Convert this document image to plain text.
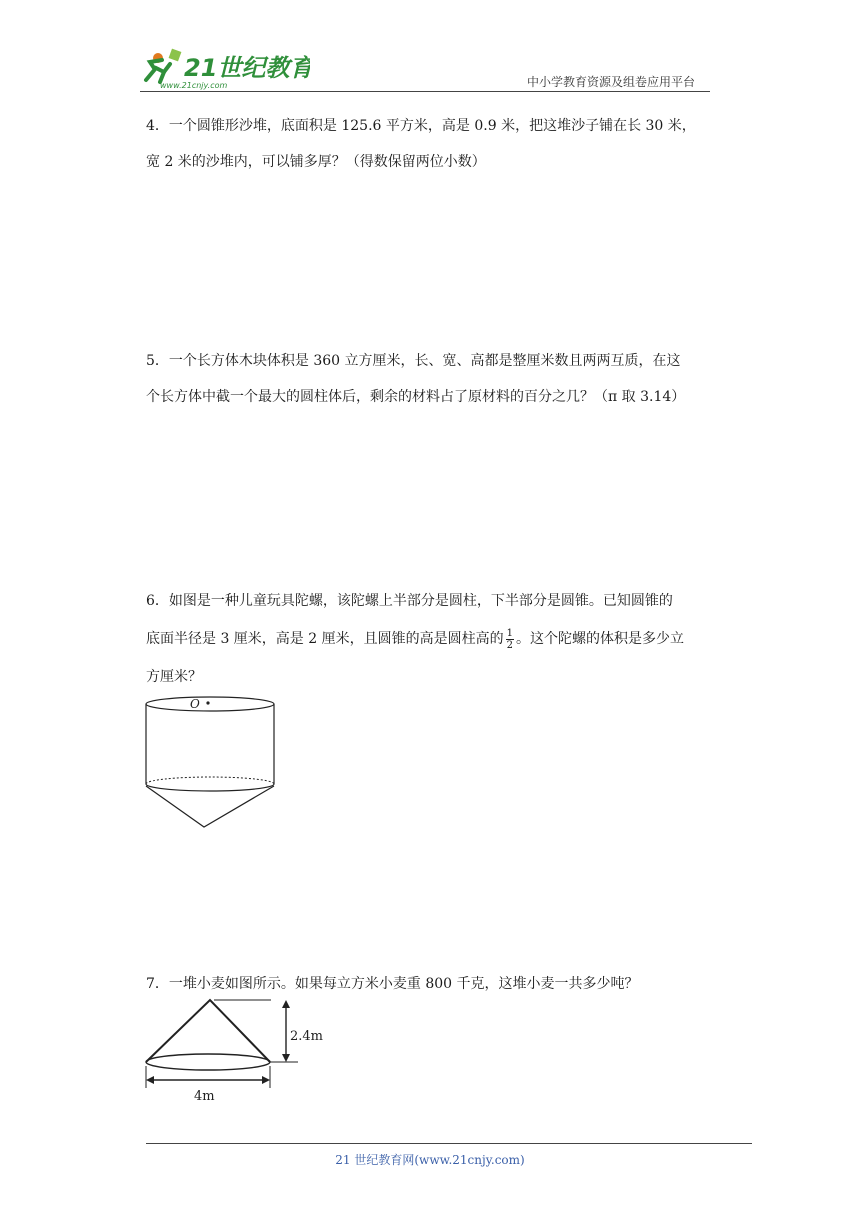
21世纪教育
www.21cnjy.com	中小学教育资源及组卷应用平台
4．一个圆锥形沙堆，底面积是 125.6 平方米，高是 0.9 米，把这堆沙子铺在长 30 米，
宽 2 米的沙堆内，可以铺多厚？（得数保留两位小数）
5．一个长方体木块体积是 360 立方厘米，长、宽、高都是整厘米数且两两互质，在这
个长方体中截一个最大的圆柱体后，剩余的材料占了原材料的百分之几？（π 取 3.14）
6．如图是一种儿童玩具陀螺，该陀螺上半部分是圆柱，下半部分是圆锥。已知圆锥的
底面半径是 3 厘米，高是 2 厘米，且圆锥的高是圆柱高的 $\frac{1}{2}$ 。这个陀螺的体积是多少立
方厘米？
O
7．一堆小麦如图所示。如果每立方米小麦重 800 千克，这堆小麦一共多少吨？
2.4m
4m
21 世纪教育网(www.21cnjy.com)
